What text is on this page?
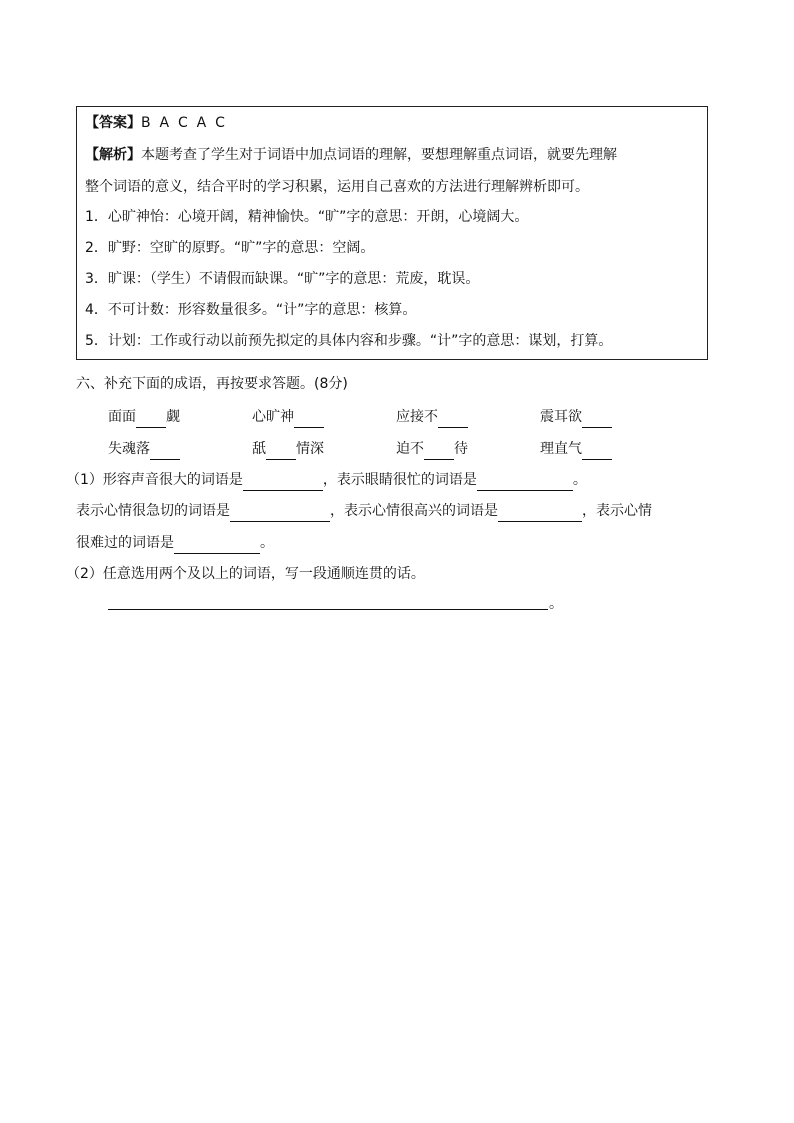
【答案】B  A  C  A  C
【解析】本题考查了学生对于词语中加点词语的理解，要想理解重点词语，就要先理解
整个词语的意义，结合平时的学习积累，运用自己喜欢的方法进行理解辨析即可。
1．心旷神怡：心境开阔，精神愉快。“旷”字的意思：开朗，心境阔大。
2．旷野：空旷的原野。“旷”字的意思：空阔。
3．旷课：（学生）不请假而缺课。“旷”字的意思：荒废，耽误。
4．不可计数：形容数量很多。“计”字的意思：核算。
5．计划：工作或行动以前预先拟定的具体内容和步骤。“计”字的意思：谋划，打算。
六、补充下面的成语，再按要求答题。(8分)
面面 觑	心旷神	应接不	震耳欲
失魂落	舐 情深	迫不 待	理直气
（1）形容声音很大的词语是	，表示眼睛很忙的词语是	。
表示心情很急切的词语是	，表示心情很高兴的词语是	，表示心情
很难过的词语是	。
（2）任意选用两个及以上的词语，写一段通顺连贯的话。
。
